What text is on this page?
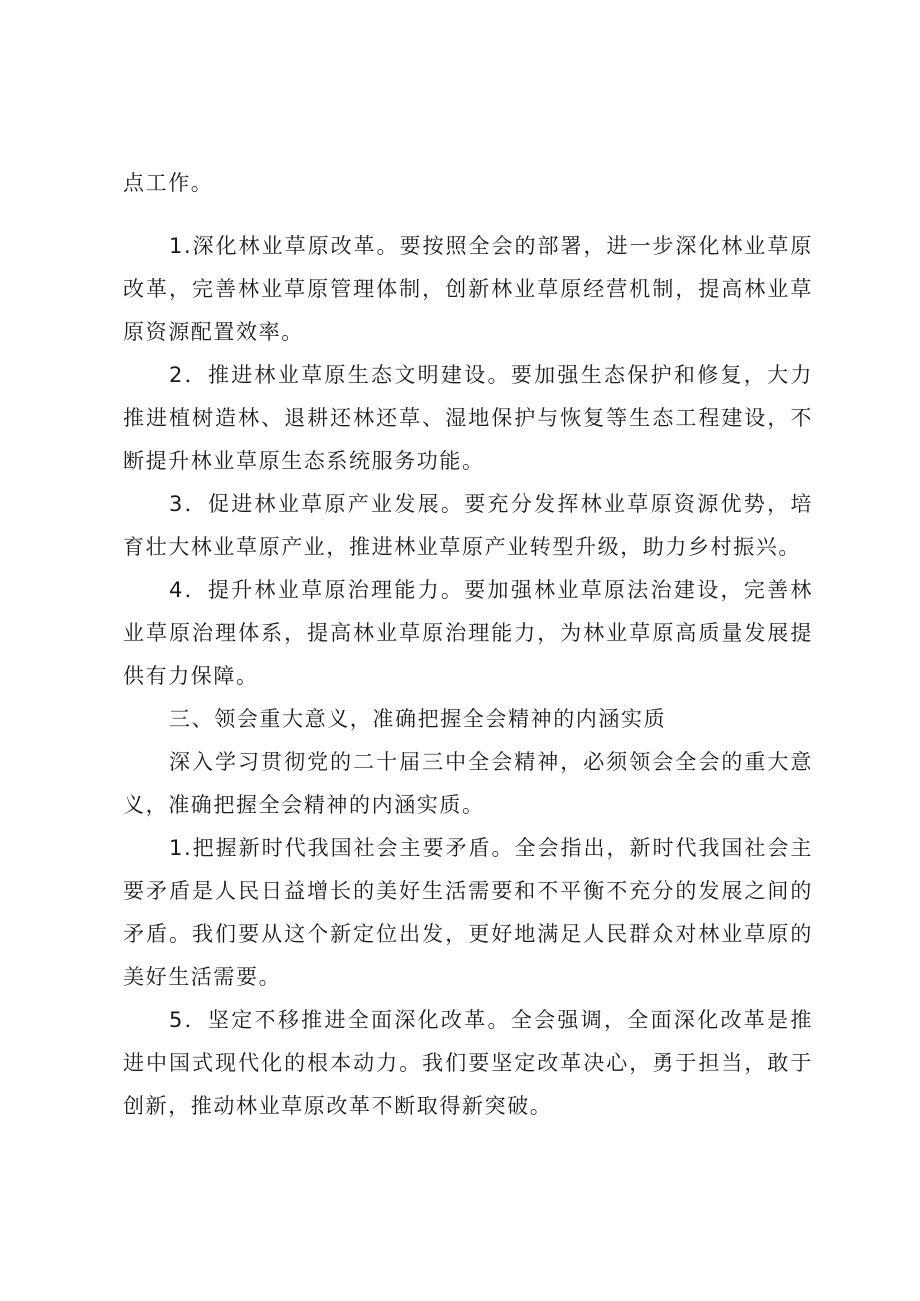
点工作。

1.深化林业草原改革。要按照全会的部署，进一步深化林业草原改革，完善林业草原管理体制，创新林业草原经营机制，提高林业草原资源配置效率。

2．推进林业草原生态文明建设。要加强生态保护和修复，大力推进植树造林、退耕还林还草、湿地保护与恢复等生态工程建设，不断提升林业草原生态系统服务功能。

3．促进林业草原产业发展。要充分发挥林业草原资源优势，培育壮大林业草原产业，推进林业草原产业转型升级，助力乡村振兴。

4．提升林业草原治理能力。要加强林业草原法治建设，完善林业草原治理体系，提高林业草原治理能力，为林业草原高质量发展提供有力保障。

三、领会重大意义，准确把握全会精神的内涵实质

深入学习贯彻党的二十届三中全会精神，必须领会全会的重大意义，准确把握全会精神的内涵实质。

1.把握新时代我国社会主要矛盾。全会指出，新时代我国社会主要矛盾是人民日益增长的美好生活需要和不平衡不充分的发展之间的矛盾。我们要从这个新定位出发，更好地满足人民群众对林业草原的美好生活需要。

5．坚定不移推进全面深化改革。全会强调，全面深化改革是推进中国式现代化的根本动力。我们要坚定改革决心，勇于担当，敢于创新，推动林业草原改革不断取得新突破。
